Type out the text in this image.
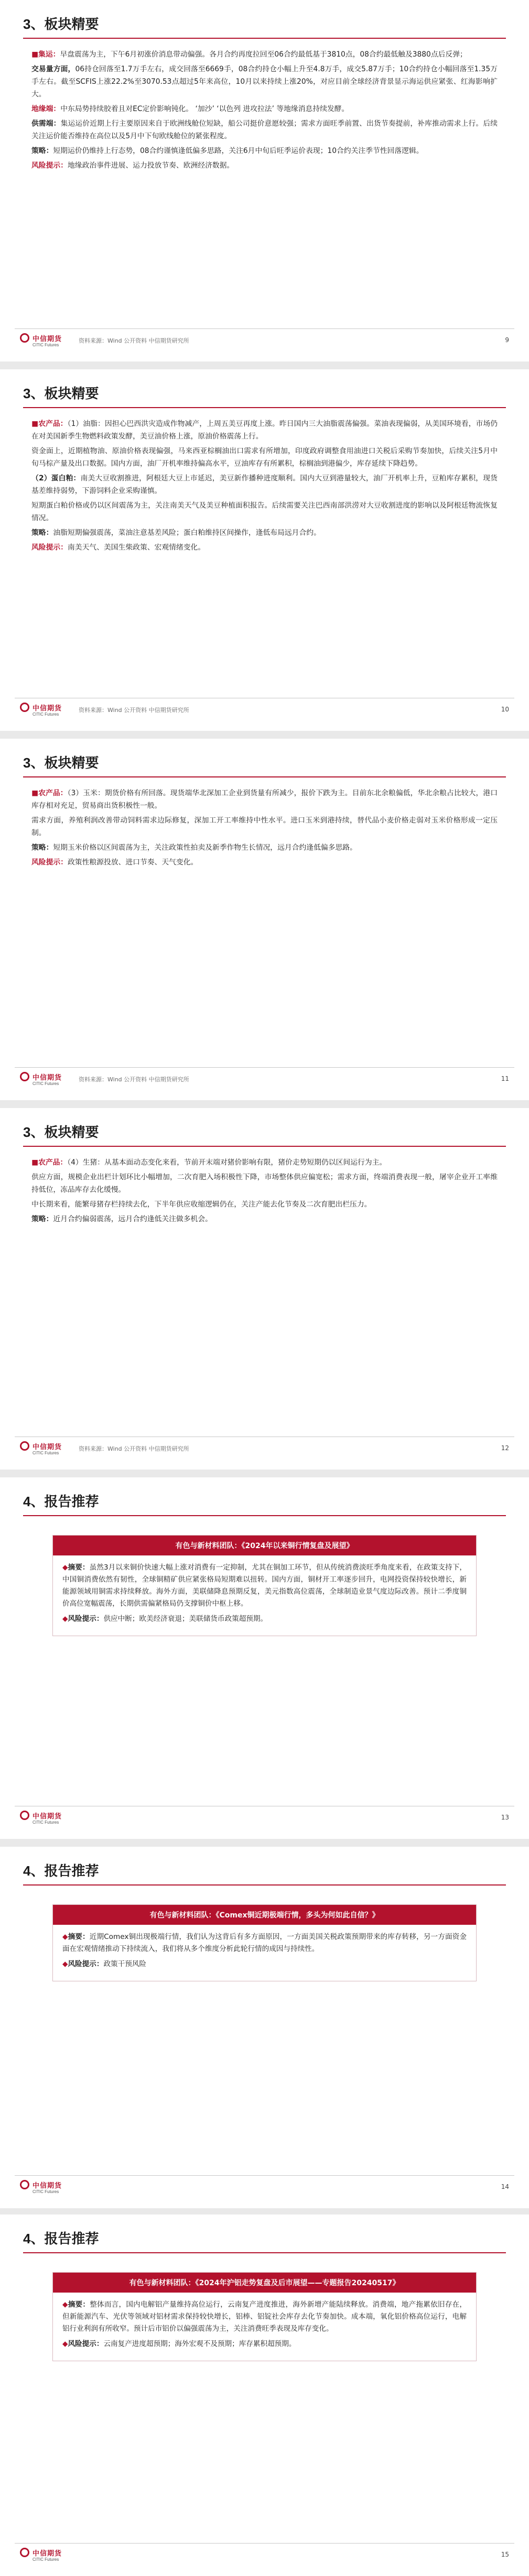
3、板块精要

■集运：早盘震荡为主，下午6月初涨价消息带动偏强。各月合约再度拉回至06合约最低基于3810点，08合约最低触及3880点后反弹；

交易量方面，06持仓回落至1.7万手左右，成交回落至6669手，08合约持仓小幅上升至4.8万手，成交5.87万手；10合约持仓小幅回落至1.35万手左右。截至SCFIS上涨22.2%至3070.53点超过5年来高位，10月以来持续上涨20%，对应目前全球经济背景显示海运供应紧张、红海影响扩大。

地缘端：中东局势持续胶着且对EC定价影响钝化。 ‘加沙’ ‘以色列 进攻拉法’ 等地缘消息持续发酵。

供需端：集运运价近期上行主要原因来自于欧洲线舱位短缺，船公司挺价意愿较强；需求方面旺季前置、出货节奏提前，补库推动需求上行。后续关注运价能否维持在高位以及5月中下旬欧线舱位的紧张程度。

策略：短期运价仍维持上行态势，08合约谨慎逢低偏多思路，关注6月中旬后旺季运价表现；10合约关注季节性回落逻辑。

风险提示：地缘政治事件进展、运力投放节奏、欧洲经济数据。

中信期货
CITIC Futures
资料来源：Wind 公开资料 中信期货研究所	9
3、板块精要

■农产品：（1）油脂：因担心巴西洪灾造成作物减产，上周五美豆再度上涨。昨日国内三大油脂震荡偏强。菜油表现偏弱，从美国环境看，市场仍在对美国新季生物燃料政策发酵，美豆油价格上涨，原油价格震荡上行。

资金面上，近期植物油、原油价格表现偏强，马来西亚棕榈油出口需求有所增加，印度政府调整食用油进口关税后采购节奏加快，后续关注5月中旬马棕产量及出口数据。国内方面，油厂开机率维持偏高水平，豆油库存有所累积，棕榈油到港偏少，库存延续下降趋势。

（2）蛋白粕：南美大豆收割推进，阿根廷大豆上市延迟，美豆新作播种进度顺利。国内大豆到港量较大，油厂开机率上升，豆粕库存累积，现货基差维持弱势，下游饲料企业采购谨慎。

短期蛋白粕价格或仍以区间震荡为主，关注南美天气及美豆种植面积报告。后续需要关注巴西南部洪涝对大豆收割进度的影响以及阿根廷物流恢复情况。

策略：油脂短期偏强震荡，菜油注意基差风险；蛋白粕维持区间操作，逢低布局远月合约。

风险提示：南美天气、美国生柴政策、宏观情绪变化。

中信期货
CITIC Futures
资料来源：Wind 公开资料 中信期货研究所	10
3、板块精要

■农产品：（3）玉米：期货价格有所回落。现货端华北深加工企业到货量有所减少，报价下跌为主。目前东北余粮偏低，华北余粮占比较大，港口库存相对充足，贸易商出货积极性一般。

需求方面，养殖利润改善带动饲料需求边际修复，深加工开工率维持中性水平。进口玉米到港持续，替代品小麦价格走弱对玉米价格形成一定压制。

策略：短期玉米价格以区间震荡为主，关注政策性拍卖及新季作物生长情况，远月合约逢低偏多思路。

风险提示：政策性粮源投放、进口节奏、天气变化。

中信期货
CITIC Futures
资料来源：Wind 公开资料 中信期货研究所	11
3、板块精要

■农产品：（4）生猪：从基本面动态变化来看，节前开末端对猪价影响有限，猪价走势短期仍以区间运行为主。

供应方面，规模企业出栏计划环比小幅增加，二次育肥入场积极性下降，市场整体供应偏宽松；需求方面，终端消费表现一般，屠宰企业开工率维持低位，冻品库存去化缓慢。

中长期来看，能繁母猪存栏持续去化，下半年供应收缩逻辑仍在，关注产能去化节奏及二次育肥出栏压力。

策略：近月合约偏弱震荡，远月合约逢低关注做多机会。

中信期货
CITIC Futures
资料来源：Wind 公开资料 中信期货研究所	12
4、报告推荐
有色与新材料团队：《2024年以来铜行情复盘及展望》

◆摘要：虽然3月以来铜价快速大幅上涨对消费有一定抑制，尤其在铜加工环节，但从传统消费淡旺季角度来看，在政策支持下，中国铜消费依然有韧性，全球铜精矿供应紧张格局短期难以扭转。国内方面，铜材开工率逐步回升，电网投资保持较快增长，新能源领域用铜需求持续释放。海外方面，美联储降息预期反复，美元指数高位震荡，全球制造业景气度边际改善。预计二季度铜价高位宽幅震荡，长期供需偏紧格局仍支撑铜价中枢上移。

◆风险提示：供应中断；欧美经济衰退；美联储货币政策超预期。

中信期货
CITIC Futures
13
4、报告推荐
有色与新材料团队：《Comex铜近期极端行情，多头为何如此自信？》

◆摘要：近期Comex铜出现极端行情，我们认为这背后有多方面原因，一方面美国关税政策预期带来的库存转移，另一方面资金面在宏观情绪推动下持续流入，我们将从多个维度分析此轮行情的成因与持续性。

◆风险提示：政策干预风险

中信期货
CITIC Futures
14
4、报告推荐
有色与新材料团队：《2024年沪铝走势复盘及后市展望——专题报告20240517》

◆摘要：整体而言，国内电解铝产量维持高位运行，云南复产进度推进，海外新增产能陆续释放。消费端，地产拖累依旧存在，但新能源汽车、光伏等领域对铝材需求保持较快增长，铝棒、铝锭社会库存去化节奏加快。成本端，氧化铝价格高位运行，电解铝行业利润有所收窄。预计后市铝价以偏强震荡为主，关注消费旺季表现及库存变化。

◆风险提示：云南复产进度超预期；海外宏观不及预期；库存累积超预期。

中信期货
CITIC Futures
15
